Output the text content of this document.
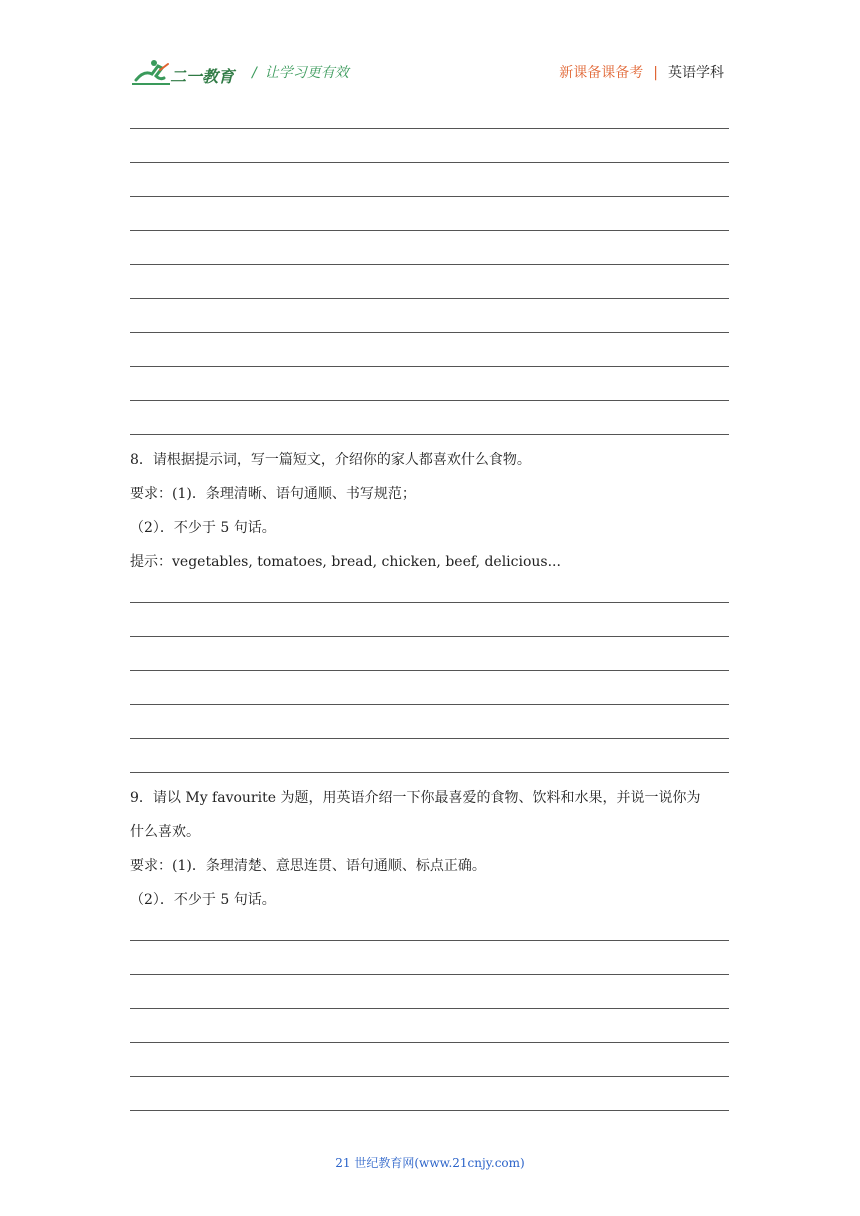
二一教育 / 让学习更有效	新课备课备考 | 英语学科
8．请根据提示词，写一篇短文，介绍你的家人都喜欢什么食物。
要求：(1)．条理清晰、语句通顺、书写规范；
（2）．不少于 5 句话。
提示：vegetables, tomatoes, bread, chicken, beef, delicious...
9．请以 My favourite 为题，用英语介绍一下你最喜爱的食物、饮料和水果，并说一说你为
什么喜欢。
要求：(1)．条理清楚、意思连贯、语句通顺、标点正确。
（2）．不少于 5 句话。
21 世纪教育网(www.21cnjy.com)
